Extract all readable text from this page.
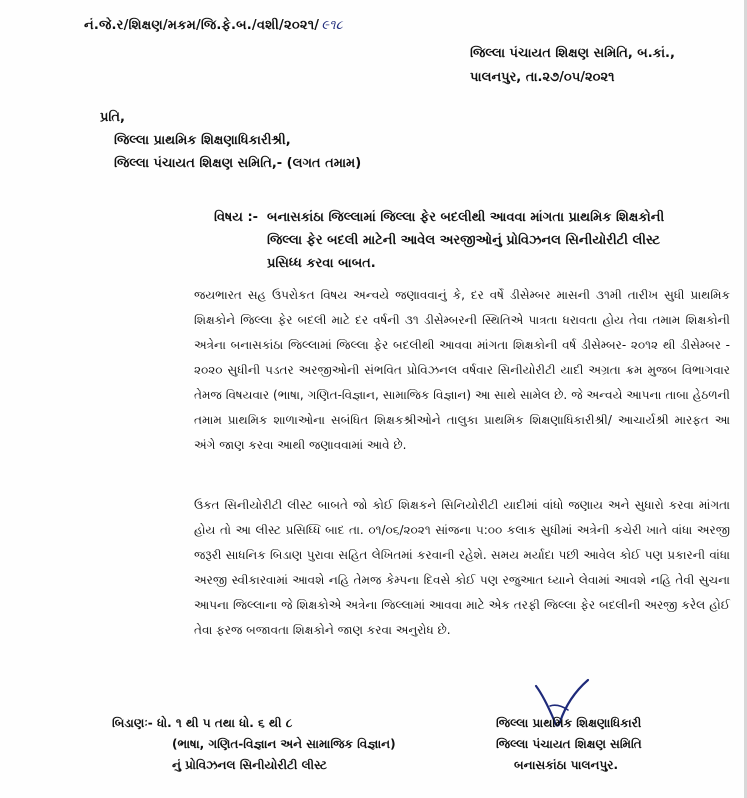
નં.જે.ર/શિક્ષણ/મકમ/જિ.ફે.બ./વશી/૨૦૨૧/ ૯૧૮
જિલ્લા પંચાયત શિક્ષણ સમિતિ, બ.કાં.,
પાલનપુર, તા.૨૭/૦૫/૨૦૨૧
પ્રતિ,
જિલ્લા પ્રાથમિક શિક્ષણાધિકારીશ્રી,
જિલ્લા પંચાયત શિક્ષણ સમિતિ,- (લગત તમામ)
વિષય :- બનાસકાંઠા જિલ્લામાં જિલ્લા ફેર બદલીથી આવવા માંગતા પ્રાથમિક શિક્ષકોની
જિલ્લા ફેર બદલી માટેની આવેલ અરજીઓનું પ્રોવિઝનલ સિનીયોરીટી લીસ્ટ
પ્રસિધ્ધ કરવા બાબત.
જયભારત સહ ઉપરોકત વિષય અન્વયે જણાવવાનું કે, દર વર્ષે ડીસેમ્બર માસની ૩૧મી તારીખ સુધી પ્રાથમિક શિક્ષકોને જિલ્લા ફેર બદલી માટે દર વર્ષની ૩૧ ડીસેમ્બરની સ્થિતિએ પાત્રતા ધરાવતા હોય તેવા તમામ શિક્ષકોની અત્રેના બનાસકાંઠા જિલ્લામાં જિલ્લા ફેર બદલીથી આવવા માંગતા શિક્ષકોની વર્ષ ડીસેમ્બર- ૨૦૧૨ થી ડીસેમ્બર - ૨૦૨૦ સુધીની પડતર અરજીઓની સંભવિત પ્રોવિઝનલ વર્ષવાર સિનીયોરીટી યાદી અગ્રતા ક્રમ મુજબ વિભાગવાર તેમજ વિષયવાર (ભાષા, ગણિત-વિજ્ઞાન, સામાજિક વિજ્ઞાન) આ સાથે સામેલ છે. જે અન્વયે આપના તાબા હેઠળની તમામ પ્રાથમિક શાળાઓના સબંધિત શિક્ષકશ્રીઓને તાલુકા પ્રાથમિક શિક્ષણાધિકારીશ્રી/ આચાર્યશ્રી મારફત આ અંગે જાણ કરવા આથી જણાવવામાં આવે છે.
ઉકત સિનીયોરીટી લીસ્ટ બાબતે જો કોઈ શિક્ષકને સિનિયોરીટી યાદીમાં વાંધો જણાય અને સુધારો કરવા માંગતા હોય તો આ લીસ્ટ પ્રસિધ્ધિ બાદ તા. ૦૧/૦૬/૨૦૨૧ સાંજના ૫:૦૦ કલાક સુધીમાં અત્રેની કચેરી ખાતે વાંધા અરજી જરૂરી સાધનિક બિડાણ પુરાવા સહિત લેખિતમાં કરવાની રહેશે. સમય મર્યાદા પછી આવેલ કોઈ પણ પ્રકારની વાંધા અરજી સ્વીકારવામાં આવશે નહિ તેમજ કેમ્પના દિવસે કોઈ પણ રજુઆત ધ્યાને લેવામાં આવશે નહિ તેવી સુચના આપના જિલ્લાના જે શિક્ષકોએ અત્રેના જિલ્લામાં આવવા માટે એક તરફી જિલ્લા ફેર બદલીની અરજી કરેલ હોઈ તેવા ફરજ બજાવતા શિક્ષકોને જાણ કરવા અનુરોધ છે.
બિડાણઃ- ધો. ૧ થી ૫ તથા ધો. ૬ થી ૮
(ભાષા, ગણિત-વિજ્ઞાન અને સામાજિક વિજ્ઞાન)
નું પ્રોવિઝનલ સિનીયોરીટી લીસ્ટ
જિલ્લા પ્રાથમિક શિક્ષણાધિકારી
જિલ્લા પંચાયત શિક્ષણ સમિતિ
બનાસકાંઠા પાલનપુર.
